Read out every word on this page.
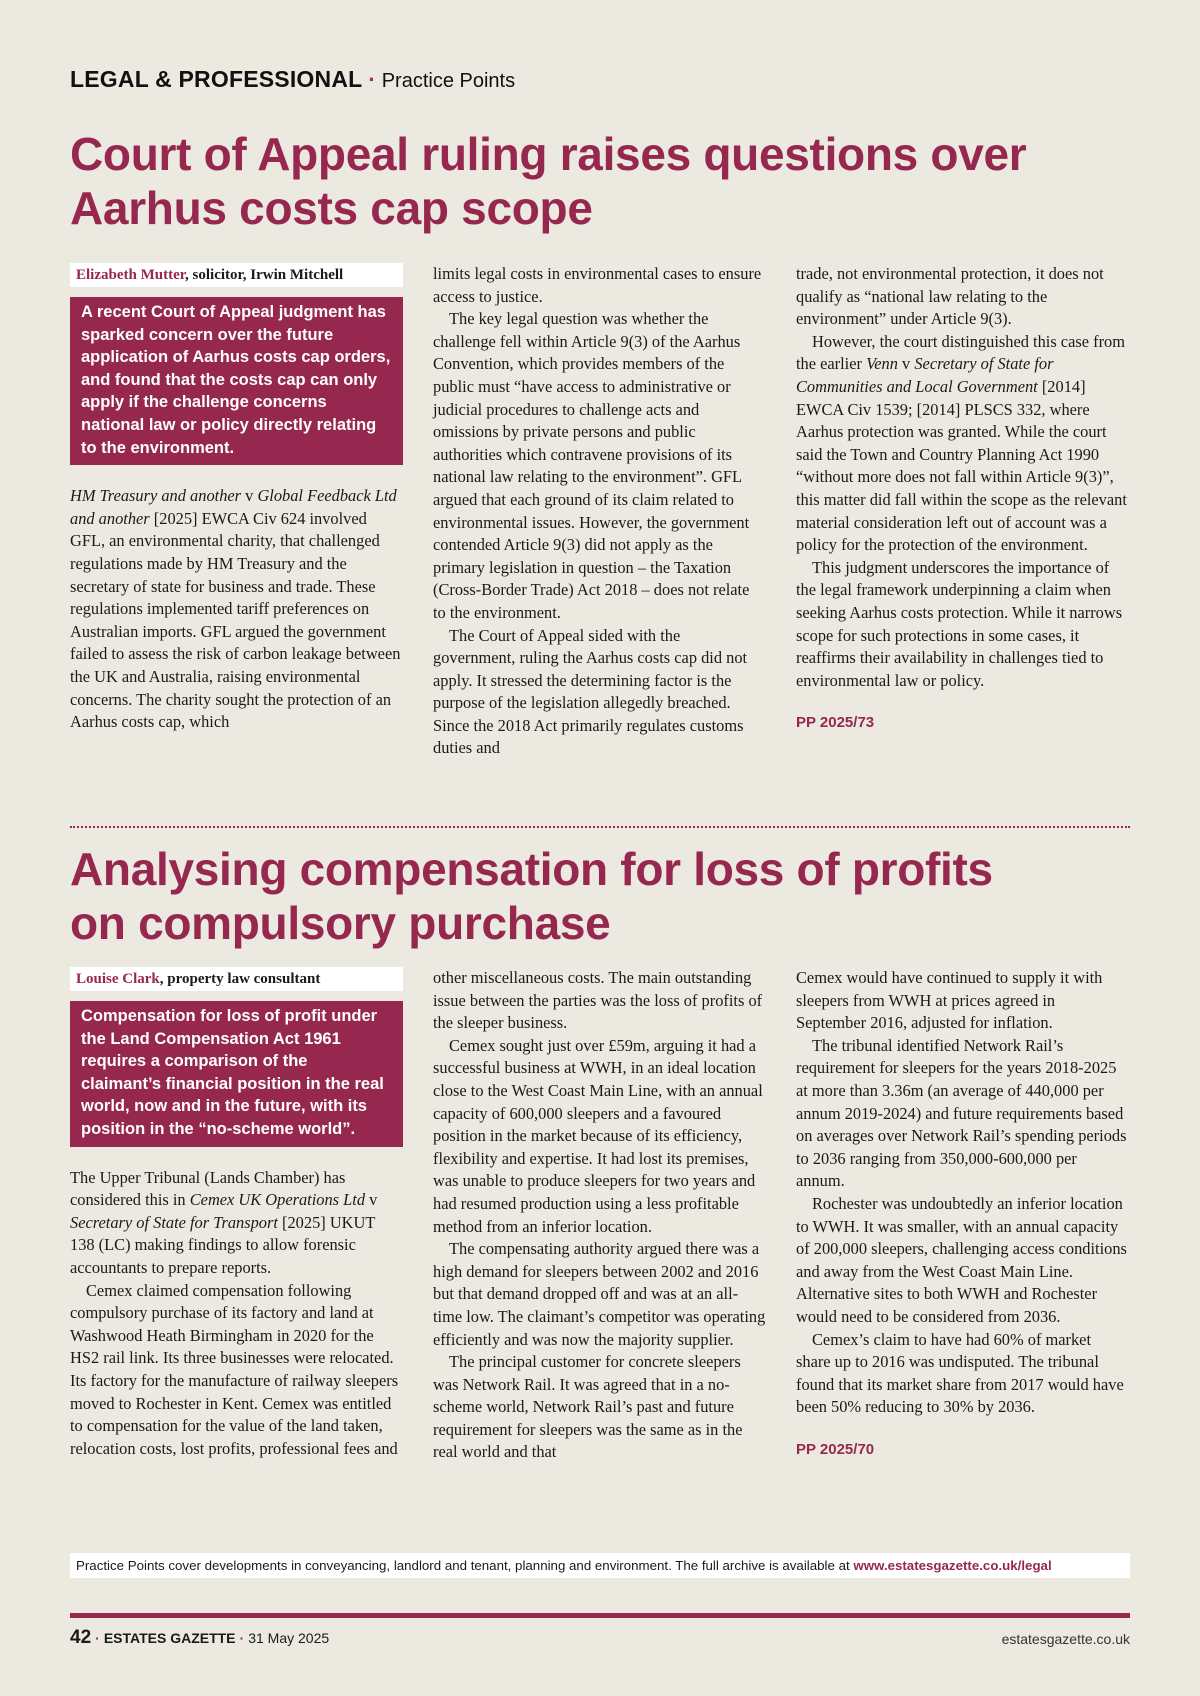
LEGAL & PROFESSIONAL · Practice Points
Court of Appeal ruling raises questions over
Aarhus costs cap scope
Elizabeth Mutter, solicitor, Irwin Mitchell
A recent Court of Appeal judgment has sparked concern over the future application of Aarhus costs cap orders, and found that the costs cap can only apply if the challenge concerns national law or policy directly relating to the environment.

HM Treasury and another v Global Feedback Ltd and another [2025] EWCA Civ 624 involved GFL, an environmental charity, that challenged regulations made by HM Treasury and the secretary of state for business and trade. These regulations implemented tariff preferences on Australian imports. GFL argued the government failed to assess the risk of carbon leakage between the UK and Australia, raising environmental concerns. The charity sought the protection of an Aarhus costs cap, which

limits legal costs in environmental cases to ensure access to justice.

The key legal question was whether the challenge fell within Article 9(3) of the Aarhus Convention, which provides members of the public must “have access to administrative or judicial procedures to challenge acts and omissions by private persons and public authorities which contravene provisions of its national law relating to the environment”. GFL argued that each ground of its claim related to environmental issues. However, the government contended Article 9(3) did not apply as the primary legislation in question – the Taxation (Cross-Border Trade) Act 2018 – does not relate to the environment.

The Court of Appeal sided with the government, ruling the Aarhus costs cap did not apply. It stressed the determining factor is the purpose of the legislation allegedly breached. Since the 2018 Act primarily regulates customs duties and

trade, not environmental protection, it does not qualify as “national law relating to the environment” under Article 9(3).

However, the court distinguished this case from the earlier Venn v Secretary of State for Communities and Local Government [2014] EWCA Civ 1539; [2014] PLSCS 332, where Aarhus protection was granted. While the court said the Town and Country Planning Act 1990 “without more does not fall within Article 9(3)”, this matter did fall within the scope as the relevant material consideration left out of account was a policy for the protection of the environment.

This judgment underscores the importance of the legal framework underpinning a claim when seeking Aarhus costs protection. While it narrows scope for such protections in some cases, it reaffirms their availability in challenges tied to environmental law or policy.

PP 2025/73
Analysing compensation for loss of profits
on compulsory purchase
Louise Clark, property law consultant
Compensation for loss of profit under the Land Compensation Act 1961 requires a comparison of the claimant’s financial position in the real world, now and in the future, with its position in the “no-scheme world”.

The Upper Tribunal (Lands Chamber) has considered this in Cemex UK Operations Ltd v Secretary of State for Transport [2025] UKUT 138 (LC) making findings to allow forensic accountants to prepare reports.

Cemex claimed compensation following compulsory purchase of its factory and land at Washwood Heath Birmingham in 2020 for the HS2 rail link. Its three businesses were relocated. Its factory for the manufacture of railway sleepers moved to Rochester in Kent. Cemex was entitled to compensation for the value of the land taken, relocation costs, lost profits, professional fees and

other miscellaneous costs. The main outstanding issue between the parties was the loss of profits of the sleeper business.

Cemex sought just over £59m, arguing it had a successful business at WWH, in an ideal location close to the West Coast Main Line, with an annual capacity of 600,000 sleepers and a favoured position in the market because of its efficiency, flexibility and expertise. It had lost its premises, was unable to produce sleepers for two years and had resumed production using a less profitable method from an inferior location.

The compensating authority argued there was a high demand for sleepers between 2002 and 2016 but that demand dropped off and was at an all-time low. The claimant’s competitor was operating efficiently and was now the majority supplier.

The principal customer for concrete sleepers was Network Rail. It was agreed that in a no-scheme world, Network Rail’s past and future requirement for sleepers was the same as in the real world and that

Cemex would have continued to supply it with sleepers from WWH at prices agreed in September 2016, adjusted for inflation.

The tribunal identified Network Rail’s requirement for sleepers for the years 2018-2025 at more than 3.36m (an average of 440,000 per annum 2019-2024) and future requirements based on averages over Network Rail’s spending periods to 2036 ranging from 350,000-600,000 per annum.

Rochester was undoubtedly an inferior location to WWH. It was smaller, with an annual capacity of 200,000 sleepers, challenging access conditions and away from the West Coast Main Line. Alternative sites to both WWH and Rochester would need to be considered from 2036.

Cemex’s claim to have had 60% of market share up to 2016 was undisputed. The tribunal found that its market share from 2017 would have been 50% reducing to 30% by 2036.

PP 2025/70
Practice Points cover developments in conveyancing, landlord and tenant, planning and environment. The full archive is available at www.estatesgazette.co.uk/legal
42 · ESTATES GAZETTE · 31 May 2025	estatesgazette.co.uk
